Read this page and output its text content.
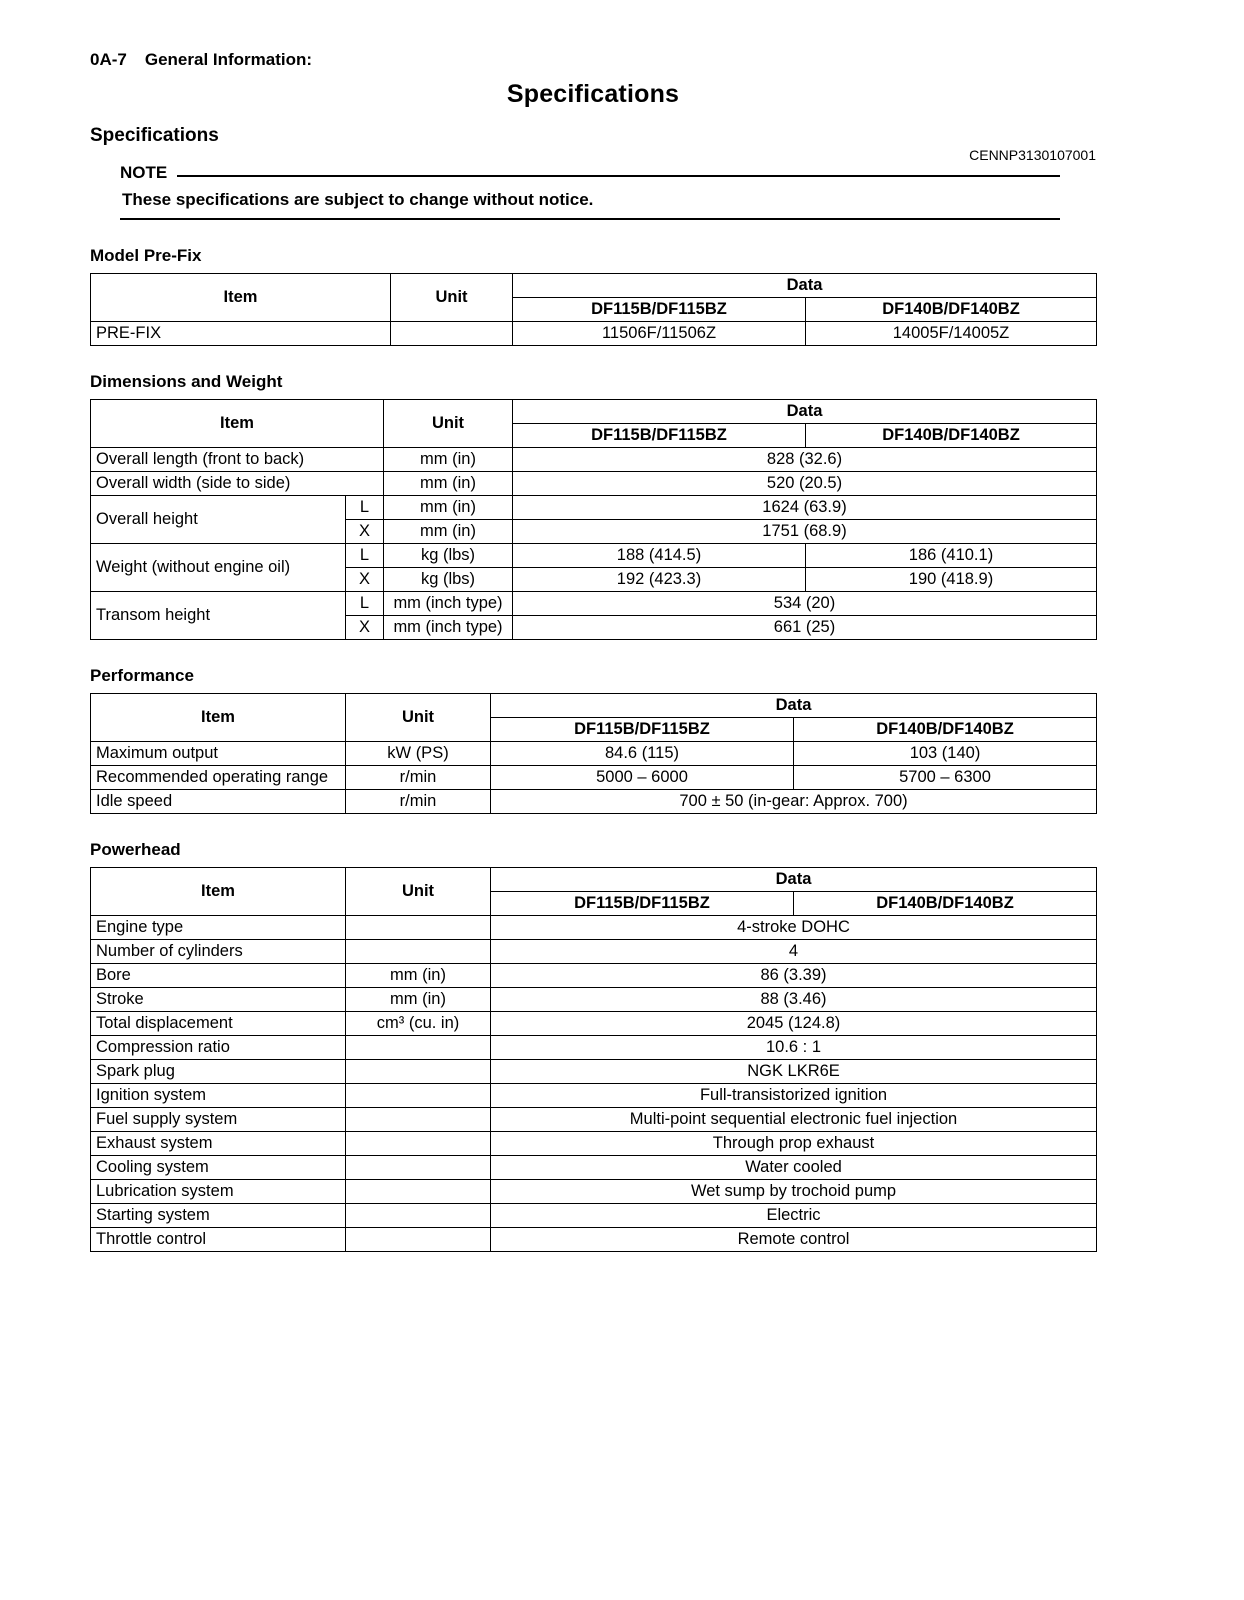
0A-7 General Information:
Specifications
Specifications
CENNP3130107001
NOTE
These specifications are subject to change without notice.
Model Pre-Fix
Item	Unit	Data	
		DF115B/DF115BZ	DF140B/DF140BZ
PRE-FIX		11506F/11506Z	14005F/14005Z
Dimensions and Weight
Item		Unit	Data	
			DF115B/DF115BZ	DF140B/DF140BZ
Overall length (front to back)		mm (in)	828 (32.6)	
Overall width (side to side)		mm (in)	520 (20.5)	
Overall height	L	mm (in)	1624 (63.9)	
	X	mm (in)	1751 (68.9)	
Weight (without engine oil)	L	kg (lbs)	188 (414.5)	186 (410.1)
	X	kg (lbs)	192 (423.3)	190 (418.9)
Transom height	L	mm (inch type)	534 (20)	
	X	mm (inch type)	661 (25)	
Performance
Item	Unit	Data	
		DF115B/DF115BZ	DF140B/DF140BZ
Maximum output	kW (PS)	84.6 (115)	103 (140)
Recommended operating range	r/min	5000 – 6000	5700 – 6300
Idle speed	r/min	700 ± 50 (in-gear: Approx. 700)	
Powerhead
Item	Unit	Data	
		DF115B/DF115BZ	DF140B/DF140BZ
Engine type		4-stroke DOHC	
Number of cylinders		4	
Bore	mm (in)	86 (3.39)	
Stroke	mm (in)	88 (3.46)	
Total displacement	cm³ (cu. in)	2045 (124.8)	
Compression ratio		10.6 : 1	
Spark plug		NGK LKR6E	
Ignition system		Full-transistorized ignition	
Fuel supply system		Multi-point sequential electronic fuel injection	
Exhaust system		Through prop exhaust	
Cooling system		Water cooled	
Lubrication system		Wet sump by trochoid pump	
Starting system		Electric	
Throttle control		Remote control	
